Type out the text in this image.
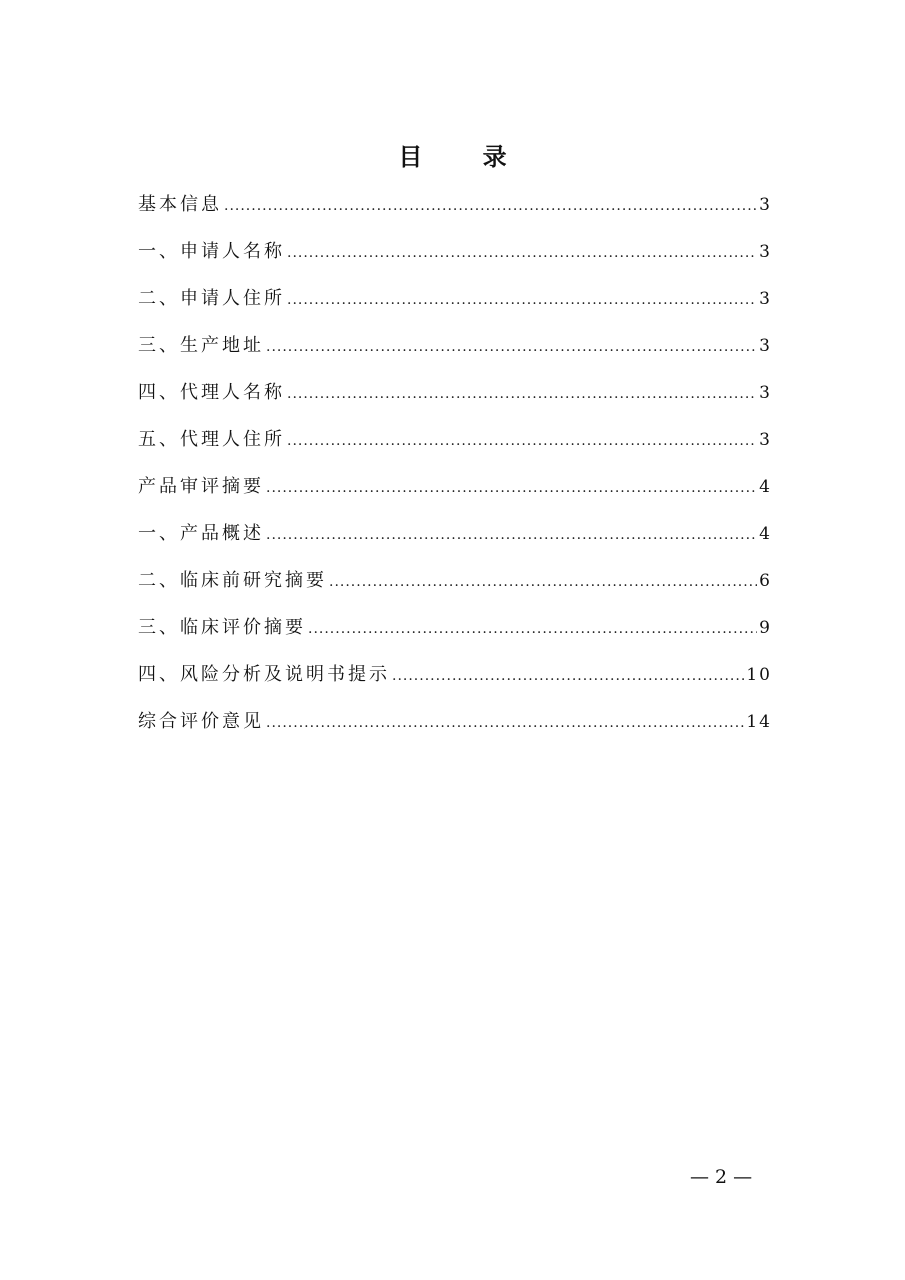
目 录
基本信息 .....	3
一、申请人名称 .....	3
二、申请人住所 .....	3
三、生产地址 .....	3
四、代理人名称 .....	3
五、代理人住所 .....	3
产品审评摘要 .....	4
一、产品概述 .....	4
二、临床前研究摘要 .....	6
三、临床评价摘要 .....	9
四、风险分析及说明书提示 .....	10
综合评价意见 .....	14
— 2 —
